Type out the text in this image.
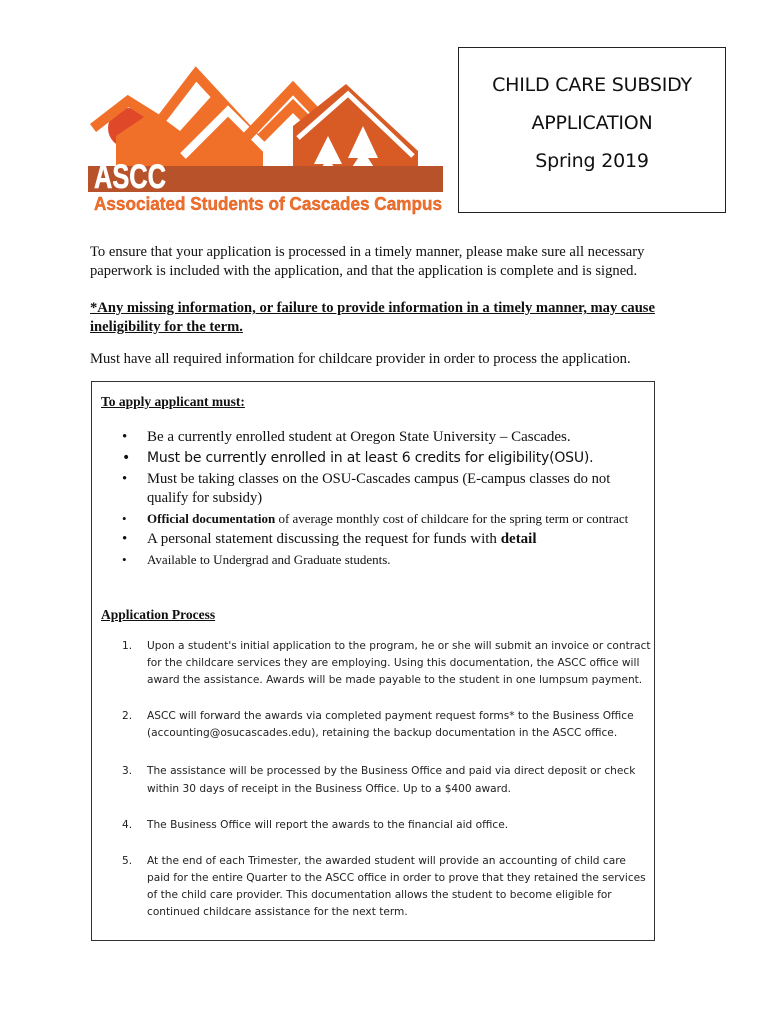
ASCC
Associated Students of Cascades Campus
CHILD CARE SUBSIDY
APPLICATION
Spring 2019
To ensure that your application is processed in a timely manner, please make sure all necessary paperwork is included with the application, and that the application is complete and is signed.
*Any missing information, or failure to provide information in a timely manner, may cause ineligibility for the term.
Must have all required information for childcare provider in order to process the application.
To apply applicant must:
• Be a currently enrolled student at Oregon State University – Cascades.
• Must be currently enrolled in at least 6 credits for eligibility(OSU).
• Must be taking classes on the OSU-Cascades campus (E-campus classes do not qualify for subsidy)
• Official documentation of average monthly cost of childcare for the spring term or contract
• A personal statement discussing the request for funds with detail
• Available to Undergrad and Graduate students.
Application Process
1. Upon a student's initial application to the program, he or she will submit an invoice or contract for the childcare services they are employing. Using this documentation, the ASCC office will award the assistance. Awards will be made payable to the student in one lumpsum payment.
2. ASCC will forward the awards via completed payment request forms* to the Business Office (accounting@osucascades.edu), retaining the backup documentation in the ASCC office.
3. The assistance will be processed by the Business Office and paid via direct deposit or check within 30 days of receipt in the Business Office. Up to a $400 award.
4. The Business Office will report the awards to the financial aid office.
5. At the end of each Trimester, the awarded student will provide an accounting of child care paid for the entire Quarter to the ASCC office in order to prove that they retained the services of the child care provider. This documentation allows the student to become eligible for continued childcare assistance for the next term.
